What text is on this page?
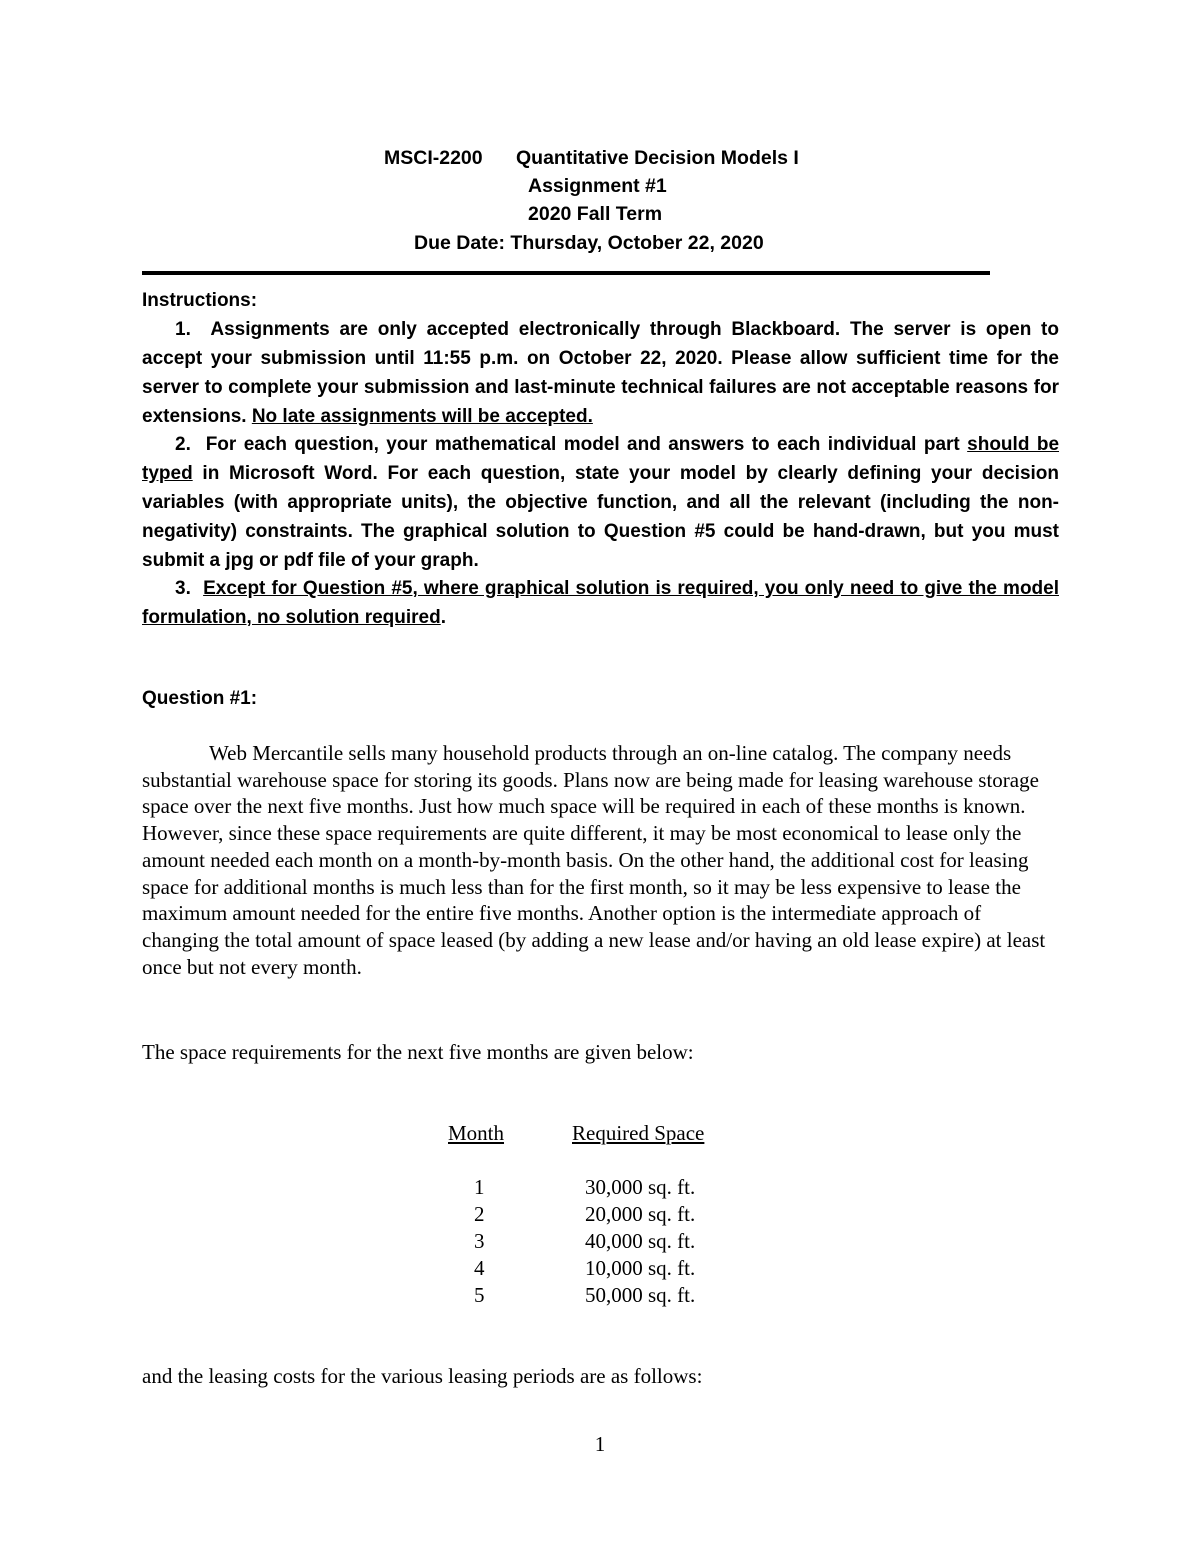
MSCI-2200 Quantitative Decision Models I
Assignment #1
2020 Fall Term
Due Date: Thursday, October 22, 2020
Instructions:
1. Assignments are only accepted electronically through Blackboard. The server is open to accept your submission until 11:55 p.m. on October 22, 2020. Please allow sufficient time for the server to complete your submission and last-minute technical failures are not acceptable reasons for extensions. No late assignments will be accepted.
2. For each question, your mathematical model and answers to each individual part should be typed in Microsoft Word. For each question, state your model by clearly defining your decision variables (with appropriate units), the objective function, and all the relevant (including the non-negativity) constraints. The graphical solution to Question #5 could be hand-drawn, but you must submit a jpg or pdf file of your graph.
3. Except for Question #5, where graphical solution is required, you only need to give the model formulation, no solution required.
Question #1:
Web Mercantile sells many household products through an on-line catalog. The company needs substantial warehouse space for storing its goods. Plans now are being made for leasing warehouse storage space over the next five months. Just how much space will be required in each of these months is known. However, since these space requirements are quite different, it may be most economical to lease only the amount needed each month on a month-by-month basis. On the other hand, the additional cost for leasing space for additional months is much less than for the first month, so it may be less expensive to lease the maximum amount needed for the entire five months. Another option is the intermediate approach of changing the total amount of space leased (by adding a new lease and/or having an old lease expire) at least once but not every month.
The space requirements for the next five months are given below:
Month	Required Space
1	30,000 sq. ft.
2	20,000 sq. ft.
3	40,000 sq. ft.
4	10,000 sq. ft.
5	50,000 sq. ft.
and the leasing costs for the various leasing periods are as follows:
1
